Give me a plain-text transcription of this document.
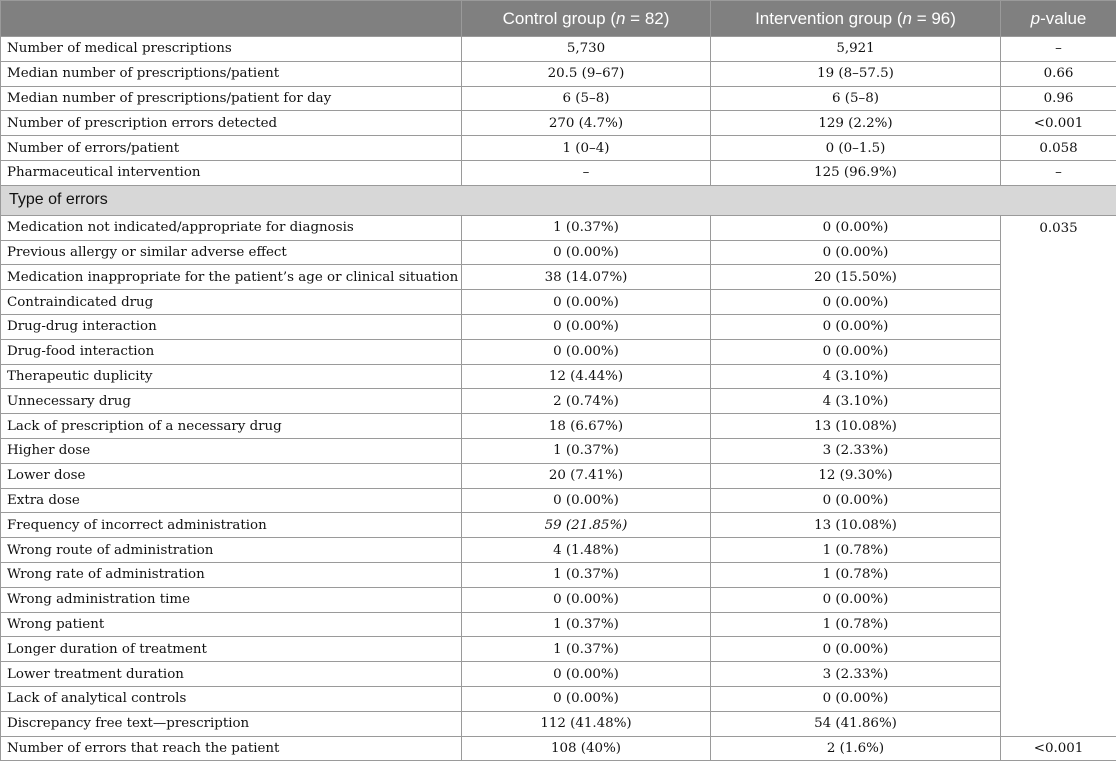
	Control group (n = 82)	Intervention group (n = 96)	p-value
Number of medical prescriptions	5,730	5,921	–
Median number of prescriptions/patient	20.5 (9–67)	19 (8–57.5)	0.66
Median number of prescriptions/patient for day	6 (5–8)	6 (5–8)	0.96
Number of prescription errors detected	270 (4.7%)	129 (2.2%)	<0.001
Number of errors/patient	1 (0–4)	0 (0–1.5)	0.058
Pharmaceutical intervention	–	125 (96.9%)	–
Type of errors			
Medication not indicated/appropriate for diagnosis	1 (0.37%)	0 (0.00%)	0.035
Previous allergy or similar adverse effect	0 (0.00%)	0 (0.00%)	
Medication inappropriate for the patient’s age or clinical situation	38 (14.07%)	20 (15.50%)	
Contraindicated drug	0 (0.00%)	0 (0.00%)	
Drug-drug interaction	0 (0.00%)	0 (0.00%)	
Drug-food interaction	0 (0.00%)	0 (0.00%)	
Therapeutic duplicity	12 (4.44%)	4 (3.10%)	
Unnecessary drug	2 (0.74%)	4 (3.10%)	
Lack of prescription of a necessary drug	18 (6.67%)	13 (10.08%)	
Higher dose	1 (0.37%)	3 (2.33%)	
Lower dose	20 (7.41%)	12 (9.30%)	
Extra dose	0 (0.00%)	0 (0.00%)	
Frequency of incorrect administration	59 (21.85%)	13 (10.08%)	
Wrong route of administration	4 (1.48%)	1 (0.78%)	
Wrong rate of administration	1 (0.37%)	1 (0.78%)	
Wrong administration time	0 (0.00%)	0 (0.00%)	
Wrong patient	1 (0.37%)	1 (0.78%)	
Longer duration of treatment	1 (0.37%)	0 (0.00%)	
Lower treatment duration	0 (0.00%)	3 (2.33%)	
Lack of analytical controls	0 (0.00%)	0 (0.00%)	
Discrepancy free text—prescription	112 (41.48%)	54 (41.86%)	
Number of errors that reach the patient	108 (40%)	2 (1.6%)	<0.001
